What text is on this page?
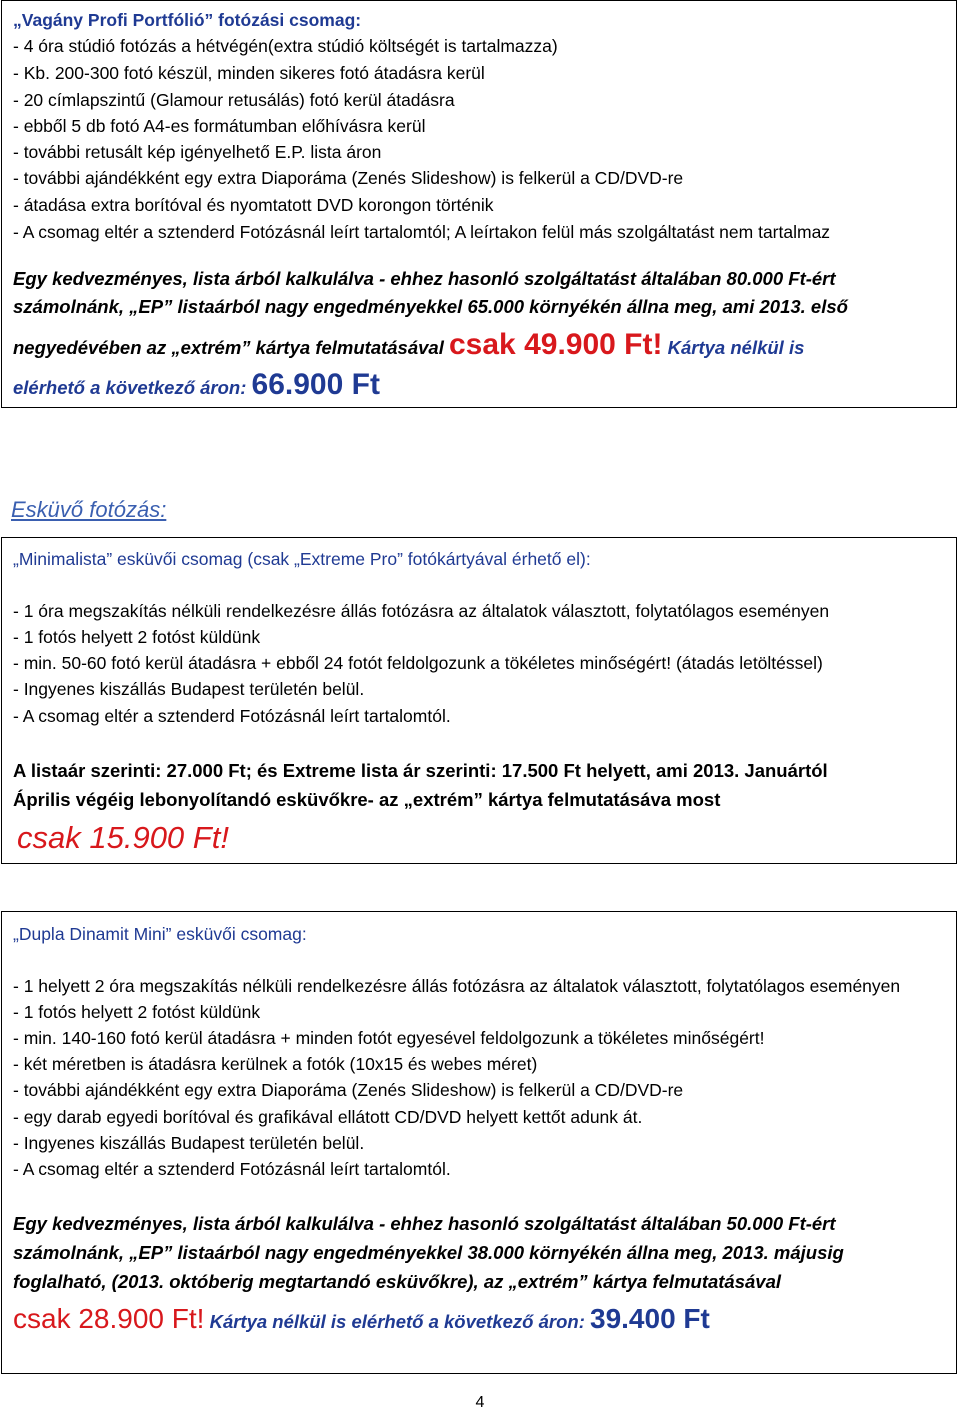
„Vagány Profi Portfólió” fotózási csomag:
- 4 óra stúdió fotózás a hétvégén(extra stúdió költségét is tartalmazza)
- Kb. 200-300 fotó készül, minden sikeres fotó átadásra kerül
- 20 címlapszintű (Glamour retusálás) fotó kerül átadásra
- ebből 5 db fotó A4-es formátumban előhívásra kerül
- további retusált kép igényelhető E.P. lista áron
- további ajándékként egy extra Diaporáma (Zenés Slideshow) is felkerül a CD/DVD-re
- átadása extra borítóval és nyomtatott DVD korongon történik
- A csomag eltér a sztenderd Fotózásnál leírt tartalomtól; A leírtakon felül más szolgáltatást nem tartalmaz
Egy kedvezményes, lista árból kalkulálva - ehhez hasonló szolgáltatást általában 80.000 Ft-ért
számolnánk, „EP” listaárból nagy engedményekkel 65.000 környékén állna meg, ami 2013. első
negyedévében az „extrém” kártya felmutatásával csak 49.900 Ft! Kártya nélkül is
elérhető a következő áron: 66.900 Ft
Esküvő fotózás:
„Minimalista” esküvői csomag (csak „Extreme Pro” fotókártyával érhető el):
- 1 óra megszakítás nélküli rendelkezésre állás fotózásra az általatok választott, folytatólagos eseményen
- 1 fotós helyett 2 fotóst küldünk
- min. 50-60 fotó kerül átadásra + ebből 24 fotót feldolgozunk a tökéletes minőségért! (átadás letöltéssel)
- Ingyenes kiszállás Budapest területén belül.
- A csomag eltér a sztenderd Fotózásnál leírt tartalomtól.
A listaár szerinti: 27.000 Ft; és Extreme lista ár szerinti: 17.500 Ft helyett, ami 2013. Januártól
Április végéig lebonyolítandó esküvőkre- az „extrém” kártya felmutatásáva most
csak 15.900 Ft!
„Dupla Dinamit Mini” esküvői csomag:
- 1 helyett 2 óra megszakítás nélküli rendelkezésre állás fotózásra az általatok választott, folytatólagos eseményen
- 1 fotós helyett 2 fotóst küldünk
- min. 140-160 fotó kerül átadásra + minden fotót egyesével feldolgozunk a tökéletes minőségért!
- két méretben is átadásra kerülnek a fotók (10x15 és webes méret)
- további ajándékként egy extra Diaporáma (Zenés Slideshow) is felkerül a CD/DVD-re
- egy darab egyedi borítóval és grafikával ellátott CD/DVD helyett kettőt adunk át.
- Ingyenes kiszállás Budapest területén belül.
- A csomag eltér a sztenderd Fotózásnál leírt tartalomtól.
Egy kedvezményes, lista árból kalkulálva - ehhez hasonló szolgáltatást általában 50.000 Ft-ért
számolnánk, „EP” listaárból nagy engedményekkel 38.000 környékén állna meg, 2013. májusig
foglalható, (2013. októberig megtartandó esküvőkre), az „extrém” kártya felmutatásával
csak 28.900 Ft! Kártya nélkül is elérhető a következő áron: 39.400 Ft
4
